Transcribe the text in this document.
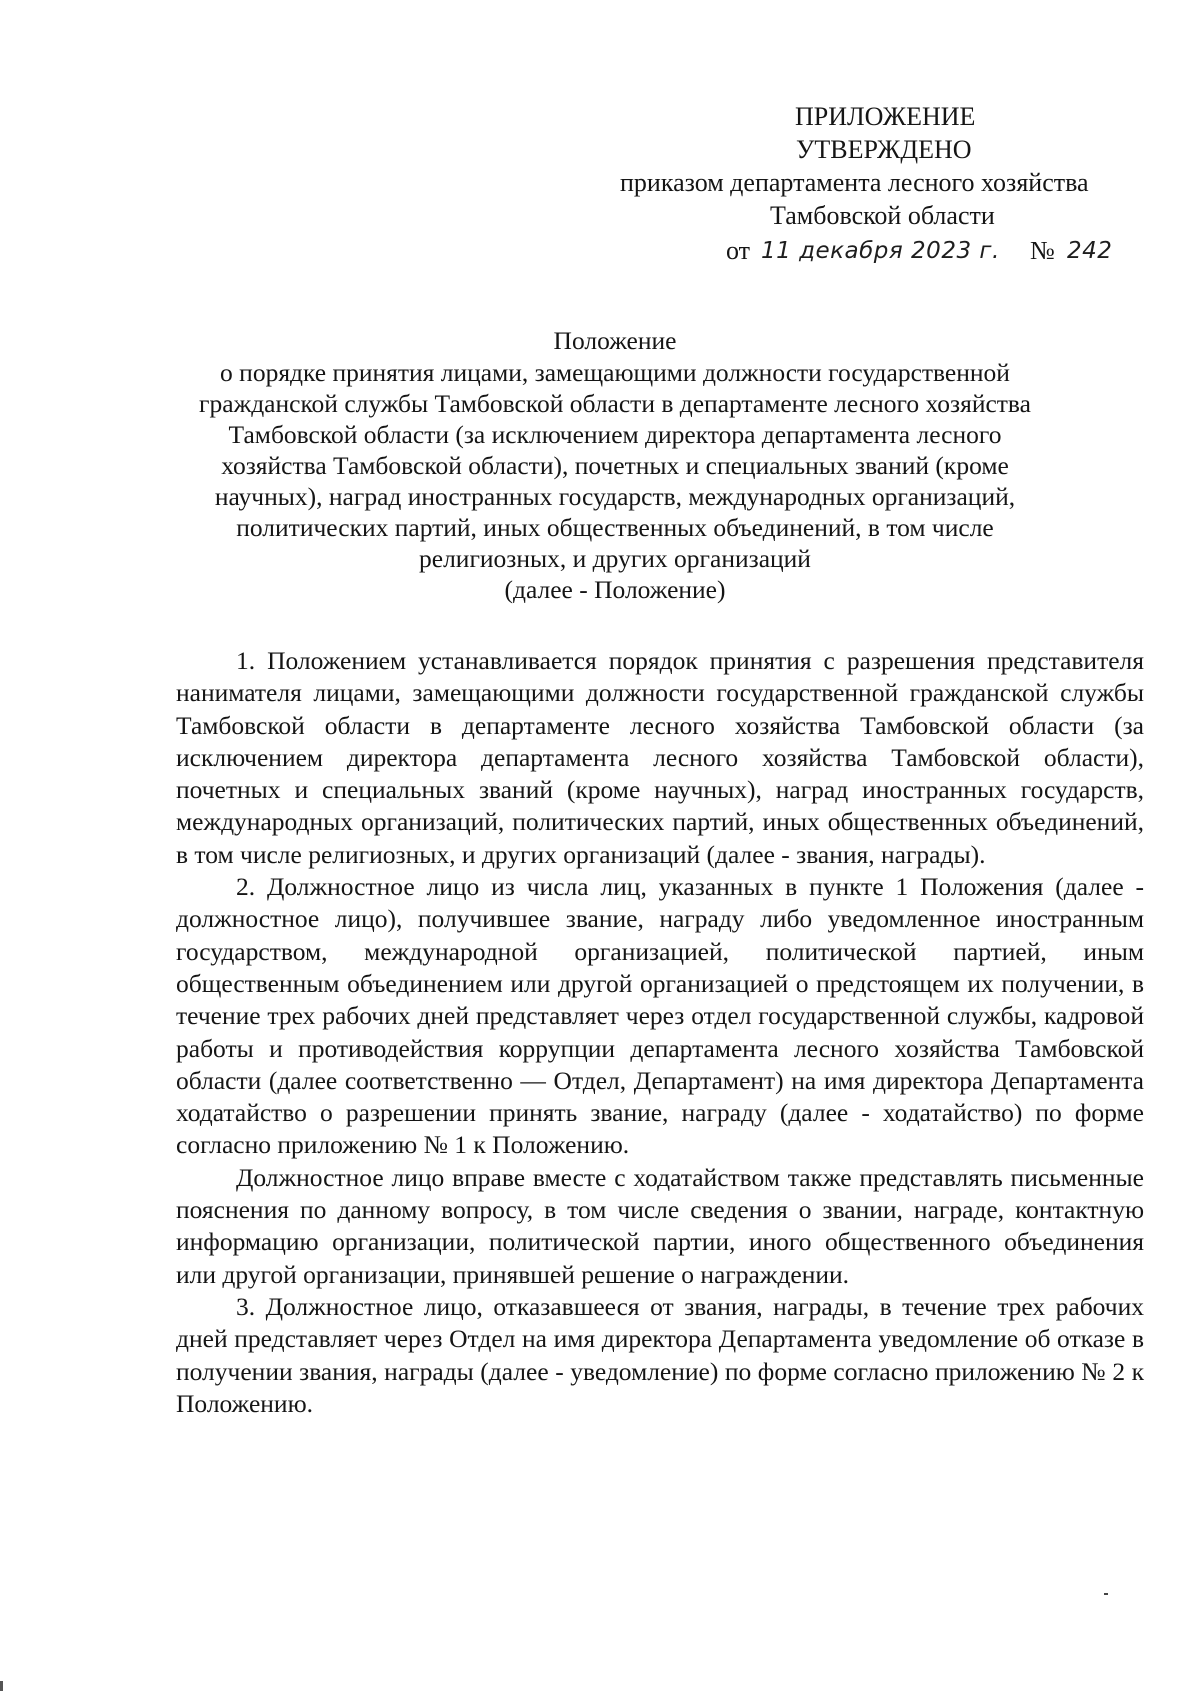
ПРИЛОЖЕНИЕ
УТВЕРЖДЕНО
приказом департамента лесного хозяйства
Тамбовской области
от 11 декабря 2023 г. № 242
Положение
о порядке принятия лицами, замещающими должности государственной
гражданской службы Тамбовской области в департаменте лесного хозяйства
Тамбовской области (за исключением директора департамента лесного
хозяйства Тамбовской области), почетных и специальных званий (кроме
научных), наград иностранных государств, международных организаций,
политических партий, иных общественных объединений, в том числе
религиозных, и других организаций
(далее - Положение)

1. Положением устанавливается порядок принятия с разрешения представителя нанимателя лицами, замещающими должности государственной гражданской службы Тамбовской области в департаменте лесного хозяйства Тамбовской области (за исключением директора департамента лесного хозяйства Тамбовской области), почетных и специальных званий (кроме научных), наград иностранных государств, международных организаций, политических партий, иных общественных объединений, в том числе религиозных, и других организаций (далее - звания, награды).

2. Должностное лицо из числа лиц, указанных в пункте 1 Положения (далее - должностное лицо), получившее звание, награду либо уведомленное иностранным государством, международной организацией, политической партией, иным общественным объединением или другой организацией о предстоящем их получении, в течение трех рабочих дней представляет через отдел государственной службы, кадровой работы и противодействия коррупции департамента лесного хозяйства Тамбовской области (далее соответственно — Отдел, Департамент) на имя директора Департамента ходатайство о разрешении принять звание, награду (далее - ходатайство) по форме согласно приложению № 1 к Положению.

Должностное лицо вправе вместе с ходатайством также представлять письменные пояснения по данному вопросу, в том числе сведения о звании, награде, контактную информацию организации, политической партии, иного общественного объединения или другой организации, принявшей решение о награждении.

3. Должностное лицо, отказавшееся от звания, награды, в течение трех рабочих дней представляет через Отдел на имя директора Департамента уведомление об отказе в получении звания, награды (далее - уведомление) по форме согласно приложению № 2 к Положению.
